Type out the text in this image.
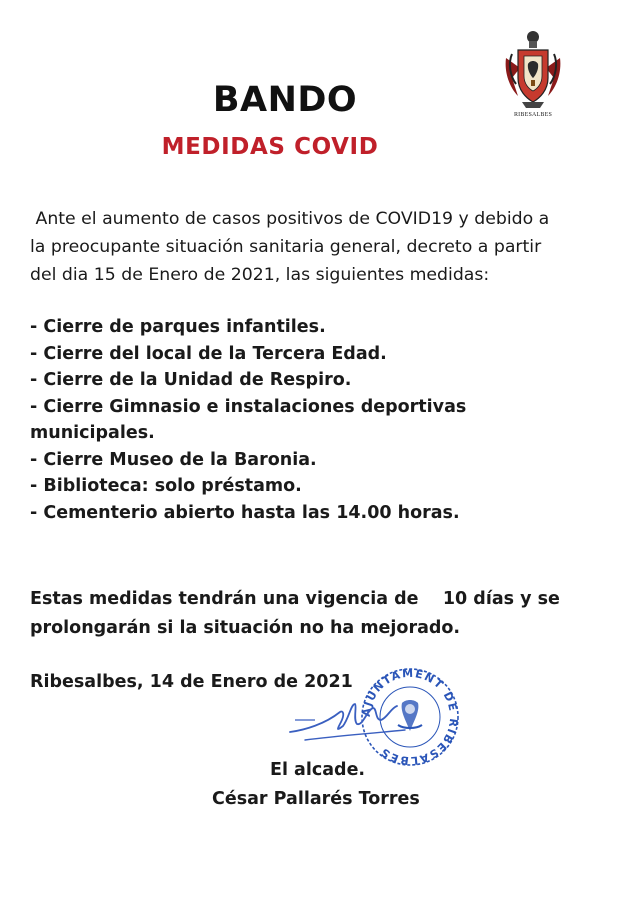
RIBESALBES
BANDO
MEDIDAS COVID
Ante el aumento de casos positivos de COVID19 y debido a
la preocupante situación sanitaria general, decreto a partir
del dia 15 de Enero de 2021, las siguientes medidas:
- Cierre de parques infantiles.
- Cierre del local de la Tercera Edad.
- Cierre de la Unidad de Respiro.
- Cierre Gimnasio e instalaciones deportivas
municipales.
- Cierre Museo de la Baronia.
- Biblioteca: solo préstamo.
- Cementerio abierto hasta las 14.00 horas.
Estas medidas tendrán una vigencia de    10 días y se
prolongarán si la situación no ha mejorado.
Ribesalbes, 14 de Enero de 2021
AJUNTAMENT DE RIBESALBES
El alcade.
César Pallarés Torres
